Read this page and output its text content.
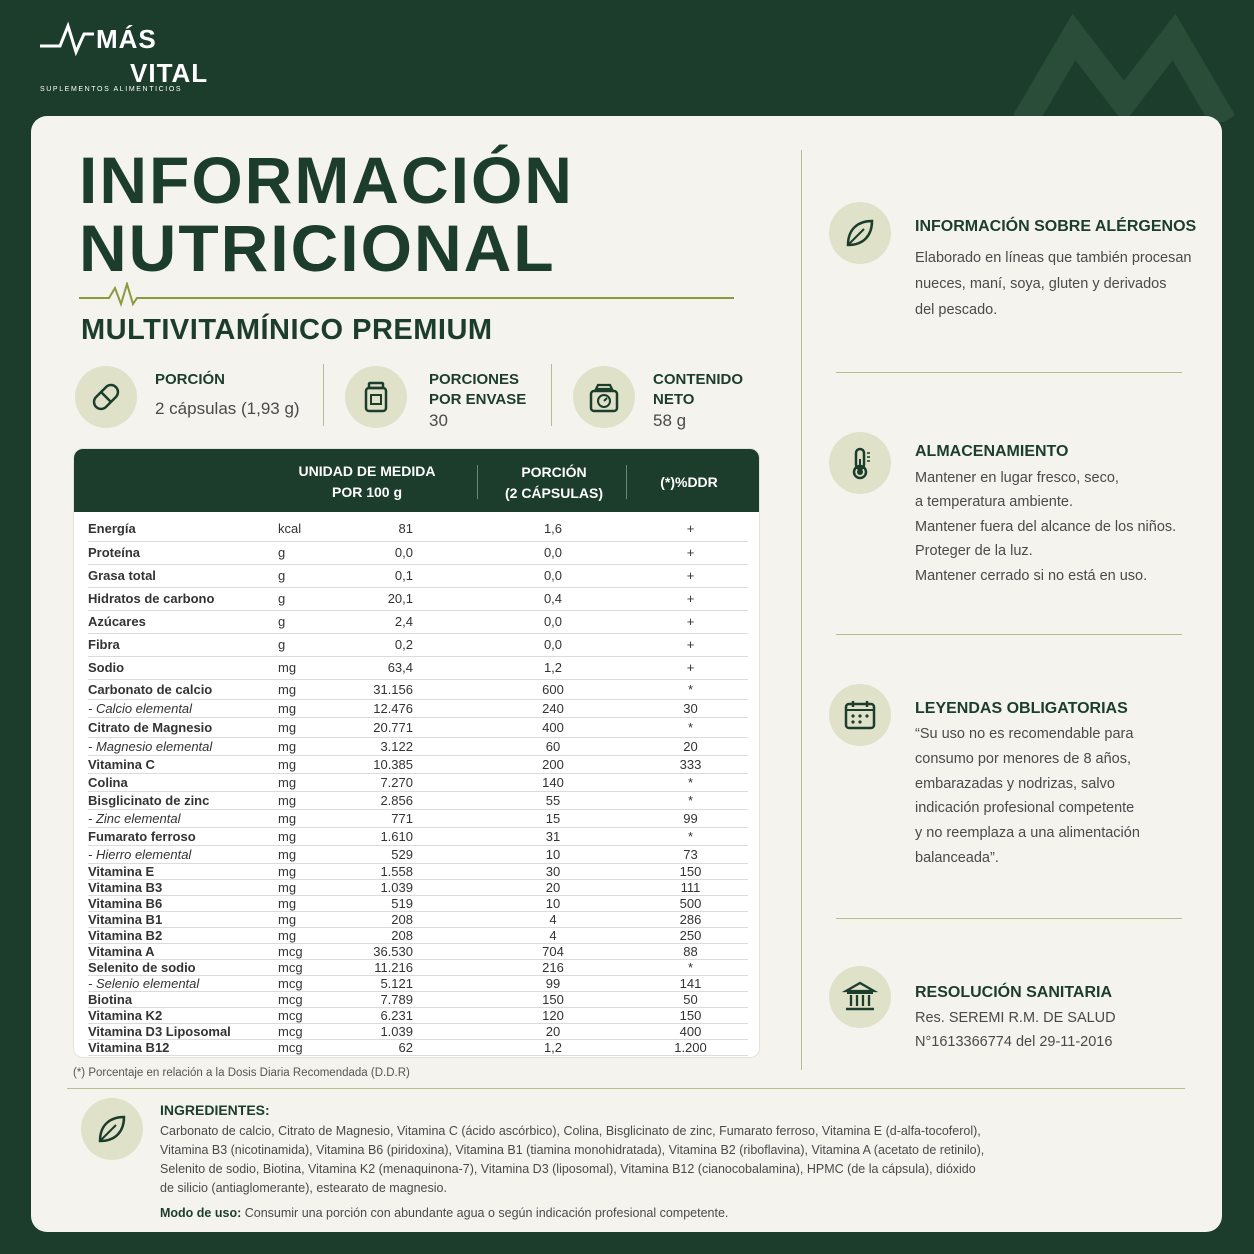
MÁS
VITAL
SUPLEMENTOS ALIMENTICIOS
INFORMACIÓN
NUTRICIONAL
MULTIVITAMÍNICO PREMIUM
PORCIÓN
2 cápsulas (1,93 g)
PORCIONES
POR ENVASE
30
CONTENIDO
NETO
58 g
UNIDAD DE MEDIDA
POR 100 g
PORCIÓN
(2 CÁPSULAS)
(*)%DDR
Energía	kcal	81	1,6	+
Proteína	g	0,0	0,0	+
Grasa total	g	0,1	0,0	+
Hidratos de carbono	g	20,1	0,4	+
Azúcares	g	2,4	0,0	+
Fibra	g	0,2	0,0	+
Sodio	mg	63,4	1,2	+
Carbonato de calcio	mg	31.156	600	*
- Calcio elemental	mg	12.476	240	30
Citrato de Magnesio	mg	20.771	400	*
- Magnesio elemental	mg	3.122	60	20
Vitamina C	mg	10.385	200	333
Colina	mg	7.270	140	*
Bisglicinato de zinc	mg	2.856	55	*
- Zinc elemental	mg	771	15	99
Fumarato ferroso	mg	1.610	31	*
- Hierro elemental	mg	529	10	73
Vitamina E	mg	1.558	30	150
Vitamina B3	mg	1.039	20	111
Vitamina B6	mg	519	10	500
Vitamina B1	mg	208	4	286
Vitamina B2	mg	208	4	250
Vitamina A	mcg	36.530	704	88
Selenito de sodio	mcg	11.216	216	*
- Selenio elemental	mcg	5.121	99	141
Biotina	mcg	7.789	150	50
Vitamina K2	mcg	6.231	120	150
Vitamina D3 Liposomal	mcg	1.039	20	400
Vitamina B12	mcg	62	1,2	1.200
(*) Porcentaje en relación a la Dosis Diaria Recomendada (D.D.R)
INFORMACIÓN SOBRE ALÉRGENOS
Elaborado en líneas que también procesan
nueces, maní, soya, gluten y derivados
del pescado.
ALMACENAMIENTO
Mantener en lugar fresco, seco,
a temperatura ambiente.
Mantener fuera del alcance de los niños.
Proteger de la luz.
Mantener cerrado si no está en uso.
LEYENDAS OBLIGATORIAS
“Su uso no es recomendable para
consumo por menores de 8 años,
embarazadas y nodrizas, salvo
indicación profesional competente
y no reemplaza a una alimentación
balanceada”.
RESOLUCIÓN SANITARIA
Res. SEREMI R.M. DE SALUD
N°1613366774 del 29-11-2016
INGREDIENTES:
Carbonato de calcio, Citrato de Magnesio, Vitamina C (ácido ascórbico), Colina, Bisglicinato de zinc, Fumarato ferroso, Vitamina E (d-alfa-tocoferol),
Vitamina B3 (nicotinamida), Vitamina B6 (piridoxina), Vitamina B1 (tiamina monohidratada), Vitamina B2 (riboflavina), Vitamina A (acetato de retinilo),
Selenito de sodio, Biotina, Vitamina K2 (menaquinona-7), Vitamina D3 (liposomal), Vitamina B12 (cianocobalamina), HPMC (de la cápsula), dióxido
de silicio (antiaglomerante), estearato de magnesio.
Modo de uso: Consumir una porción con abundante agua o según indicación profesional competente.
